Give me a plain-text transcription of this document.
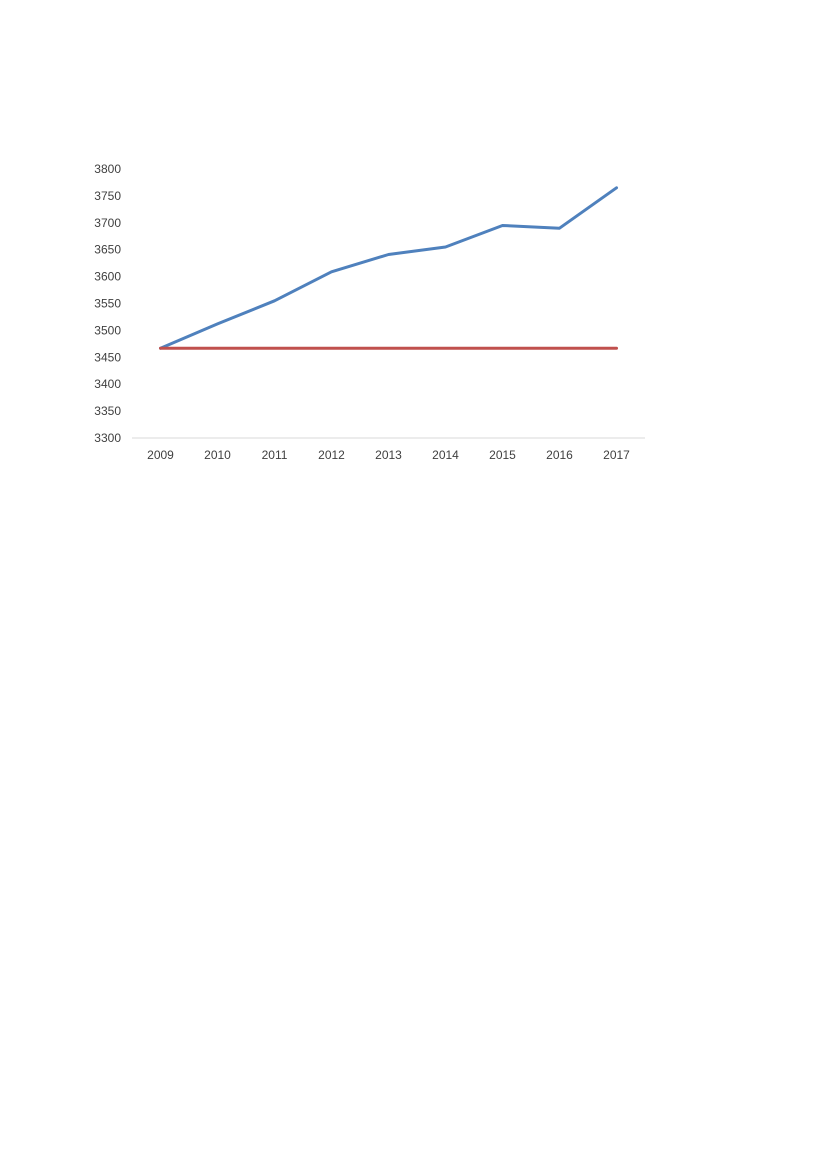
3300
3350
3400
3450
3500
3550
3600
3650
3700
3750
3800
2009	2010	2011	2012	2013	2014	2015	2016	2017
